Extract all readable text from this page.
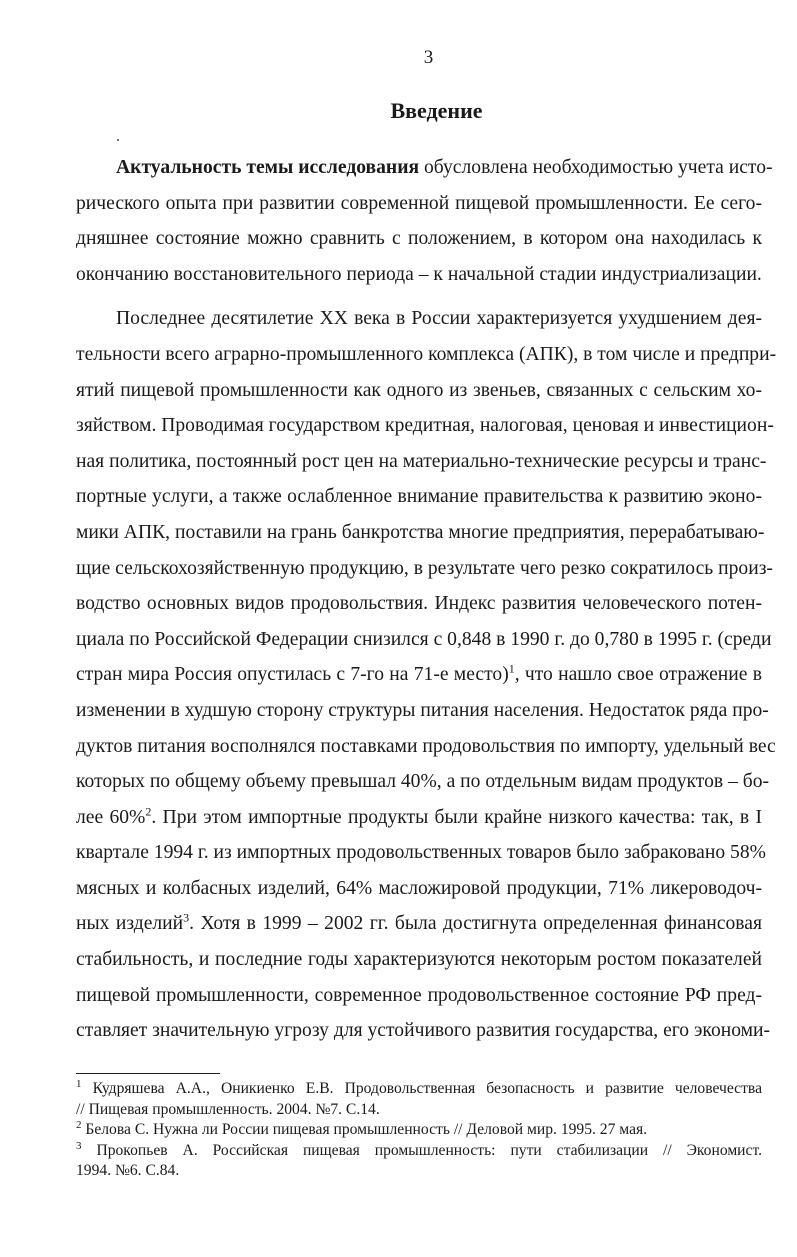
3
Введение

Актуальность темы исследования обусловлена необходимостью учета исто-
рического опыта при развитии современной пищевой промышленности. Ее сего-
дняшнее состояние можно сравнить с положением, в котором она находилась к
окончанию восстановительного периода – к начальной стадии индустриализации.

Последнее десятилетие XX века в России характеризуется ухудшением дея-
тельности всего аграрно-промышленного комплекса (АПК), в том числе и предпри-
ятий пищевой промышленности как одного из звеньев, связанных с сельским хо-
зяйством. Проводимая государством кредитная, налоговая, ценовая и инвестицион-
ная политика, постоянный рост цен на материально-технические ресурсы и транс-
портные услуги, а также ослабленное внимание правительства к развитию эконо-
мики АПК, поставили на грань банкротства многие предприятия, перерабатываю-
щие сельскохозяйственную продукцию, в результате чего резко сократилось произ-
водство основных видов продовольствия. Индекс развития человеческого потен-
циала по Российской Федерации снизился с 0,848 в 1990 г. до 0,780 в 1995 г. (среди
стран мира Россия опустилась с 7-го на 71-е место)$^1$, что нашло свое отражение в
изменении в худшую сторону структуры питания населения. Недостаток ряда про-
дуктов питания восполнялся поставками продовольствия по импорту, удельный вес
которых по общему объему превышал 40%, а по отдельным видам продуктов – бо-
лее 60%$^2$. При этом импортные продукты были крайне низкого качества: так, в I
квартале 1994 г. из импортных продовольственных товаров было забраковано 58%
мясных и колбасных изделий, 64% масложировой продукции, 71% ликероводоч-
ных изделий$^3$. Хотя в 1999 – 2002 гг. была достигнута определенная финансовая
стабильность, и последние годы характеризуются некоторым ростом показателей
пищевой промышленности, современное продовольственное состояние РФ пред-
ставляет значительную угрозу для устойчивого развития государства, его экономи-

$^1$ Кудряшева А.А., Оникиенко Е.В. Продовольственная безопасность и развитие человечества
// Пищевая промышленность. 2004. №7. С.14.
$^2$ Белова С. Нужна ли России пищевая промышленность // Деловой мир. 1995. 27 мая.
$^3$ Прокопьев А. Российская пищевая промышленность: пути стабилизации // Экономист.
1994. №6. С.84.
